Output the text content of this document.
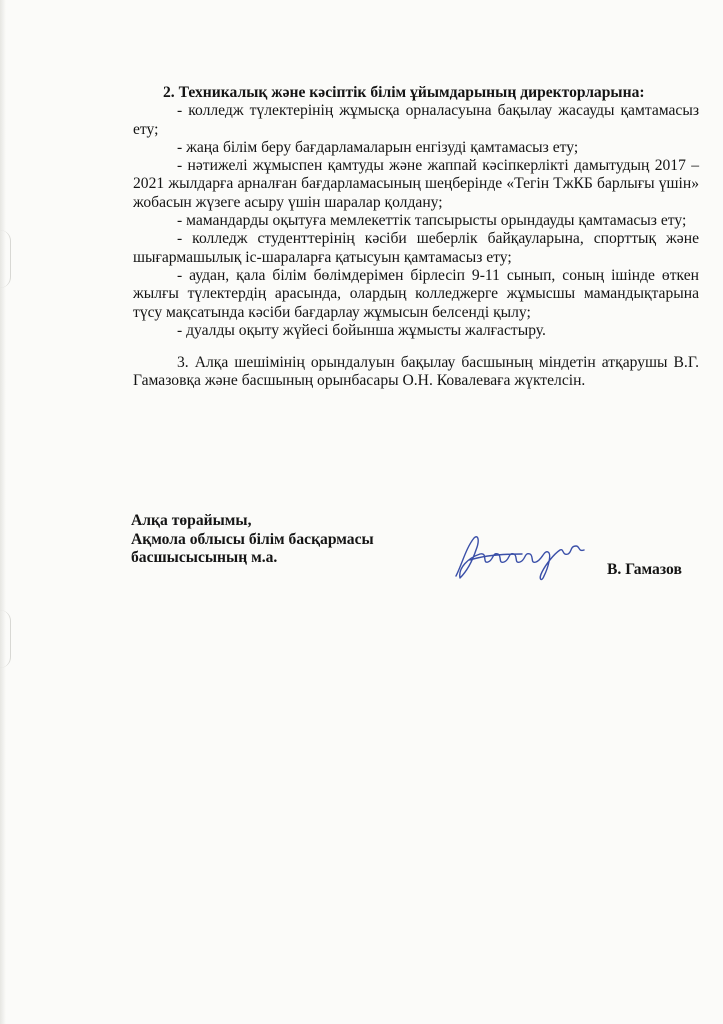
2. Техникалық және кәсіптік білім ұйымдарының директорларына:

- колледж түлектерінің жұмысқа орналасуына бақылау жасауды қамтамасыз ету;

- жаңа білім беру бағдарламаларын енгізуді қамтамасыз ету;

- нәтижелі жұмыспен қамтуды және жаппай кәсіпкерлікті дамытудың 2017 – 2021 жылдарға арналған бағдарламасының шеңберінде «Тегін ТжКБ барлығы үшін» жобасын жүзеге асыру үшін шаралар қолдану;

- мамандарды оқытуға мемлекеттік тапсырысты орындауды қамтамасыз ету;

- колледж студенттерінің кәсіби шеберлік байқауларына, спорттық және шығармашылық іс-шараларға қатысуын қамтамасыз ету;

- аудан, қала білім бөлімдерімен бірлесіп 9-11 сынып, соның ішінде өткен жылғы түлектердің арасында, олардың колледжерге жұмысшы мамандықтарына түсу мақсатында кәсіби бағдарлау жұмысын белсенді қылу;

- дуалды оқыту жүйесі бойынша жұмысты жалғастыру.

3. Алқа шешімінің орындалуын бақылау басшының міндетін атқарушы В.Г. Гамазовқа және басшының орынбасары О.Н. Ковалеваға жүктелсін.

Алқа төрайымы,
Ақмола облысы білім басқармасы
басшысысының м.а.
В. Гамазов
